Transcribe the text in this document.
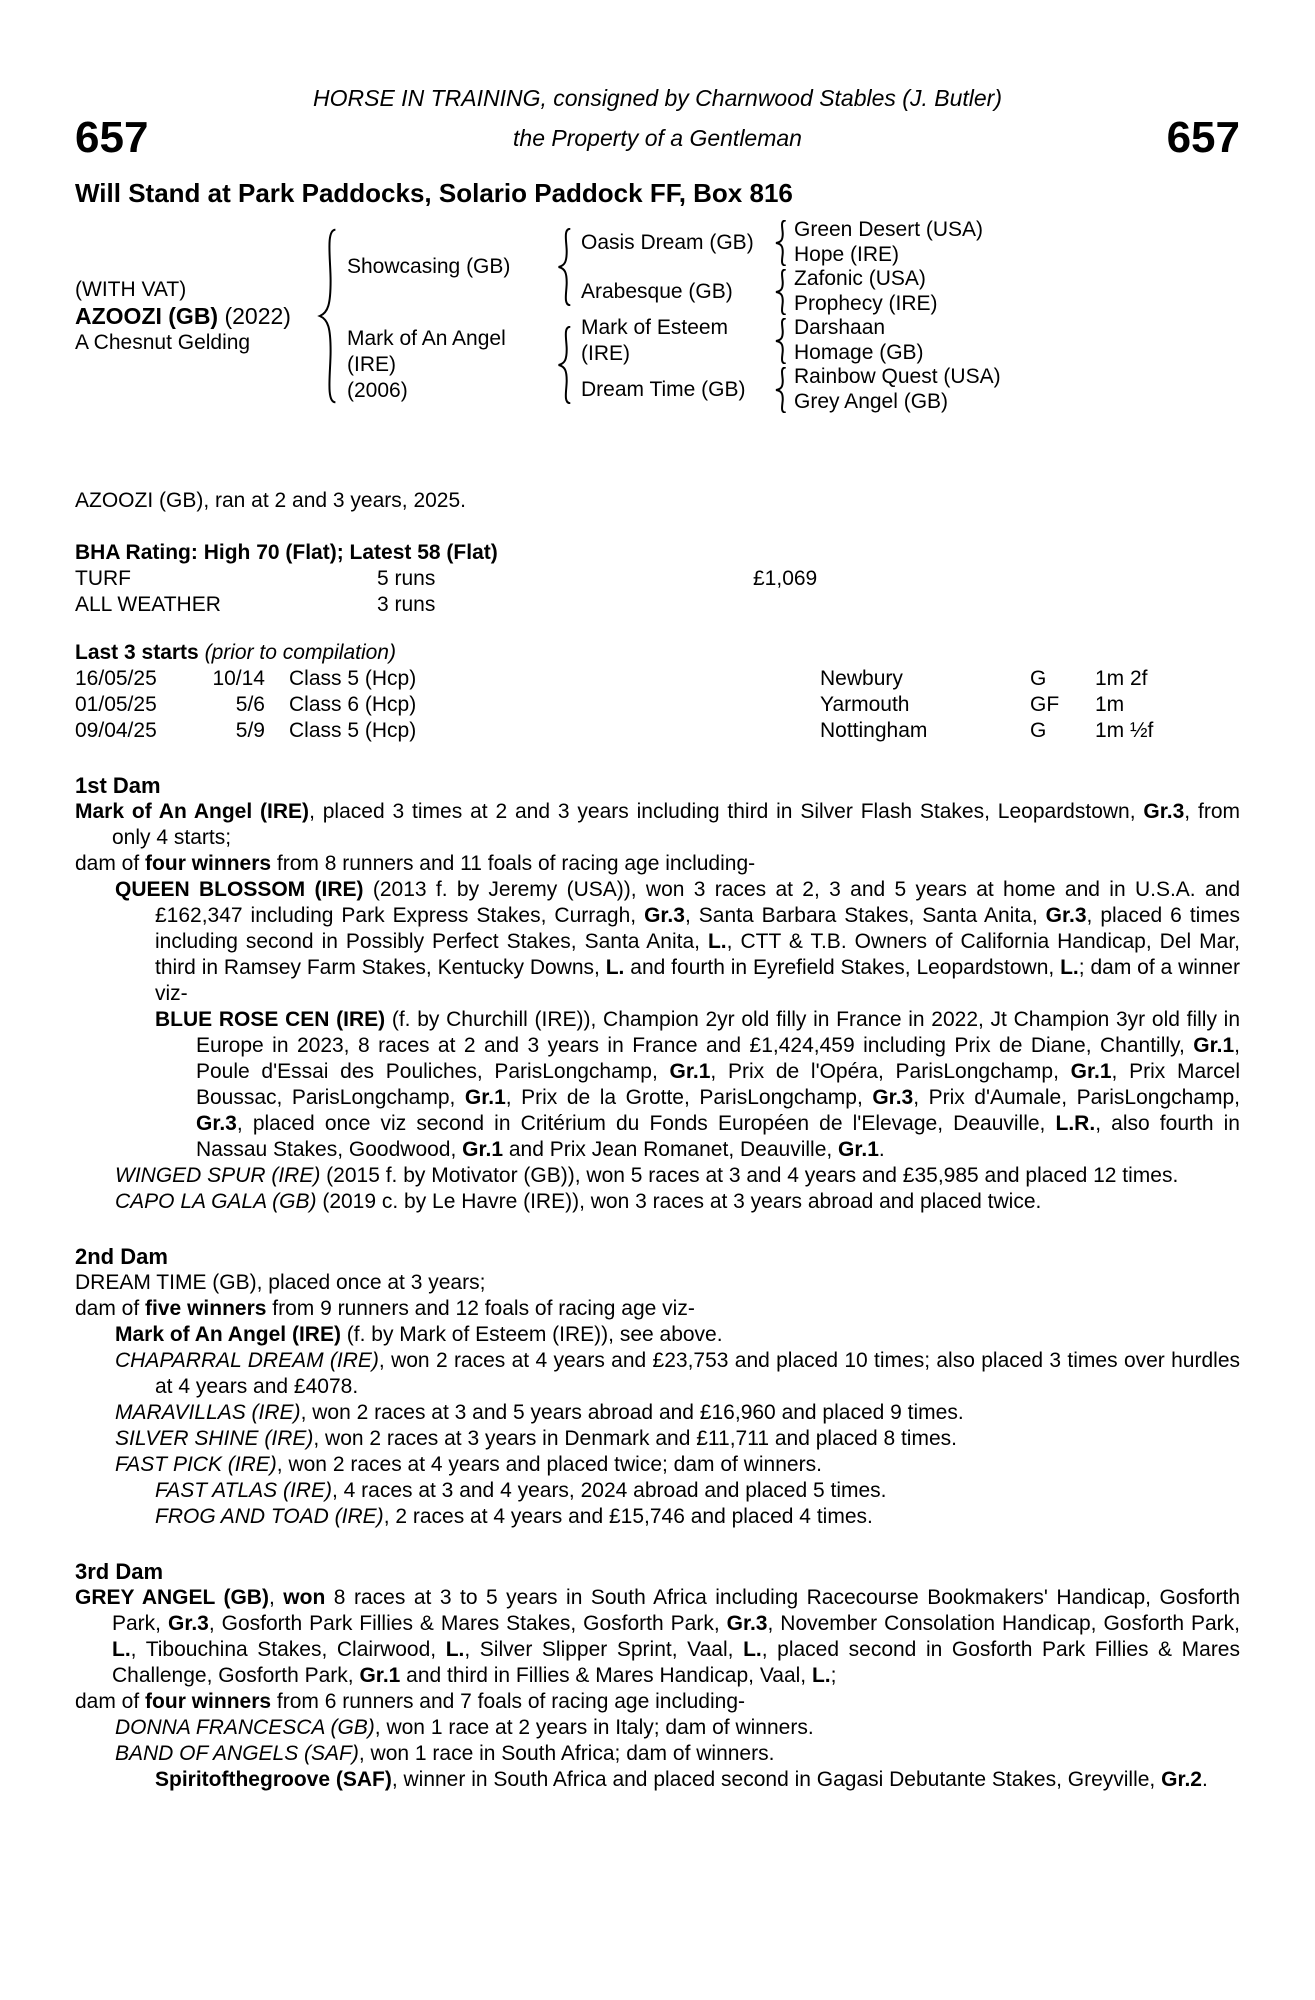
657
HORSE IN TRAINING, consigned by Charnwood Stables (J. Butler)
the Property of a Gentleman	657
Will Stand at Park Paddocks, Solario Paddock FF, Box 816
(WITH VAT)
AZOOZI (GB) (2022)
A Chesnut Gelding
Showcasing (GB)
Oasis Dream (GB)
Green Desert (USA)
Hope (IRE)
Arabesque (GB)
Zafonic (USA)
Prophecy (IRE)
Mark of An Angel (IRE)
(2006)
Mark of Esteem (IRE)
Darshaan
Homage (GB)
Dream Time (GB)
Rainbow Quest (USA)
Grey Angel (GB)

AZOOZI (GB), ran at 2 and 3 years, 2025.

BHA Rating: High 70 (Flat); Latest 58 (Flat)
TURF	5 runs	£1,069
ALL WEATHER	3 runs
Last 3 starts (prior to compilation)
16/05/25	10/14	Class 5 (Hcp)	Newbury	G	1m 2f
01/05/25	5/6	Class 6 (Hcp)	Yarmouth	GF	1m
09/04/25	5/9	Class 5 (Hcp)	Nottingham	G	1m ½f
1st Dam

Mark of An Angel (IRE), placed 3 times at 2 and 3 years including third in Silver Flash Stakes, Leopardstown, Gr.3, from only 4 starts;

dam of four winners from 8 runners and 11 foals of racing age including-

QUEEN BLOSSOM (IRE) (2013 f. by Jeremy (USA)), won 3 races at 2, 3 and 5 years at home and in U.S.A. and £162,347 including Park Express Stakes, Curragh, Gr.3, Santa Barbara Stakes, Santa Anita, Gr.3, placed 6 times including second in Possibly Perfect Stakes, Santa Anita, L., CTT & T.B. Owners of California Handicap, Del Mar, third in Ramsey Farm Stakes, Kentucky Downs, L. and fourth in Eyrefield Stakes, Leopardstown, L.; dam of a winner viz-

BLUE ROSE CEN (IRE) (f. by Churchill (IRE)), Champion 2yr old filly in France in 2022, Jt Champion 3yr old filly in Europe in 2023, 8 races at 2 and 3 years in France and £1,424,459 including Prix de Diane, Chantilly, Gr.1, Poule d'Essai des Pouliches, ParisLongchamp, Gr.1, Prix de l'Opéra, ParisLongchamp, Gr.1, Prix Marcel Boussac, ParisLongchamp, Gr.1, Prix de la Grotte, ParisLongchamp, Gr.3, Prix d'Aumale, ParisLongchamp, Gr.3, placed once viz second in Critérium du Fonds Européen de l'Elevage, Deauville, L.R., also fourth in Nassau Stakes, Goodwood, Gr.1 and Prix Jean Romanet, Deauville, Gr.1.

WINGED SPUR (IRE) (2015 f. by Motivator (GB)), won 5 races at 3 and 4 years and £35,985 and placed 12 times.

CAPO LA GALA (GB) (2019 c. by Le Havre (IRE)), won 3 races at 3 years abroad and placed twice.

2nd Dam

DREAM TIME (GB), placed once at 3 years;

dam of five winners from 9 runners and 12 foals of racing age viz-

Mark of An Angel (IRE) (f. by Mark of Esteem (IRE)), see above.

CHAPARRAL DREAM (IRE), won 2 races at 4 years and £23,753 and placed 10 times; also placed 3 times over hurdles at 4 years and £4078.

MARAVILLAS (IRE), won 2 races at 3 and 5 years abroad and £16,960 and placed 9 times.

SILVER SHINE (IRE), won 2 races at 3 years in Denmark and £11,711 and placed 8 times.

FAST PICK (IRE), won 2 races at 4 years and placed twice; dam of winners.

FAST ATLAS (IRE), 4 races at 3 and 4 years, 2024 abroad and placed 5 times.

FROG AND TOAD (IRE), 2 races at 4 years and £15,746 and placed 4 times.

3rd Dam

GREY ANGEL (GB), won 8 races at 3 to 5 years in South Africa including Racecourse Bookmakers' Handicap, Gosforth Park, Gr.3, Gosforth Park Fillies & Mares Stakes, Gosforth Park, Gr.3, November Consolation Handicap, Gosforth Park, L., Tibouchina Stakes, Clairwood, L., Silver Slipper Sprint, Vaal, L., placed second in Gosforth Park Fillies & Mares Challenge, Gosforth Park, Gr.1 and third in Fillies & Mares Handicap, Vaal, L.;

dam of four winners from 6 runners and 7 foals of racing age including-

DONNA FRANCESCA (GB), won 1 race at 2 years in Italy; dam of winners.

BAND OF ANGELS (SAF), won 1 race in South Africa; dam of winners.

Spiritofthegroove (SAF), winner in South Africa and placed second in Gagasi Debutante Stakes, Greyville, Gr.2.
